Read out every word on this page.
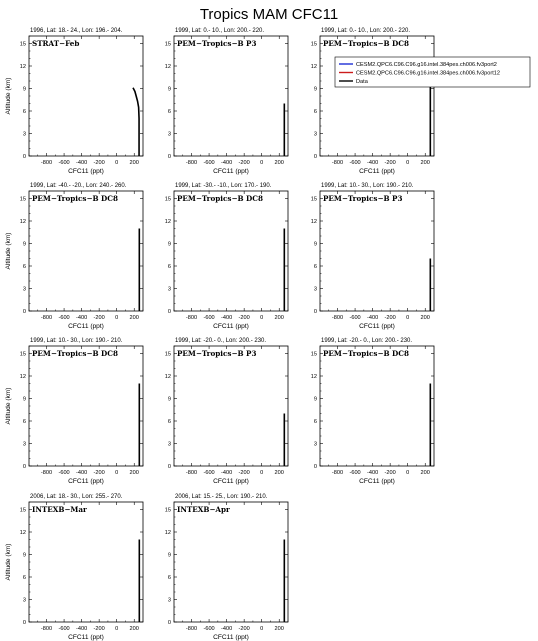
Tropics MAM CFC11
1996, Lat: 18.- 24., Lon: 196.- 204.
-800 -600 -400 -200 0 200
0
3
6
9
12
15
CFC11 (ppt)
Altitude (km)
STRAT−Feb
1999, Lat: 0.- 10., Lon: 200.- 220.
-800 -600 -400 -200 0 200
0
3
6
9
12
15
CFC11 (ppt)
PEM−Tropics−B P3
1999, Lat: 0.- 10., Lon: 200.- 220.
-800 -600 -400 -200 0 200
0
3
6
9
12
15
CFC11 (ppt)
PEM−Tropics−B DC8
1999, Lat: -40.- -20., Lon: 240.- 260.
-800 -600 -400 -200 0 200
0
3
6
9
12
15
CFC11 (ppt)
Altitude (km)
PEM−Tropics−B DC8
1999, Lat: -30.- -10., Lon: 170.- 190.
-800 -600 -400 -200 0 200
0
3
6
9
12
15
CFC11 (ppt)
PEM−Tropics−B DC8
1999, Lat: 10.- 30., Lon: 190.- 210.
-800 -600 -400 -200 0 200
0
3
6
9
12
15
CFC11 (ppt)
PEM−Tropics−B P3
1999, Lat: 10.- 30., Lon: 190.- 210.
-800 -600 -400 -200 0 200
0
3
6
9
12
15
CFC11 (ppt)
Altitude (km)
PEM−Tropics−B DC8
1999, Lat: -20.- 0., Lon: 200.- 230.
-800 -600 -400 -200 0 200
0
3
6
9
12
15
CFC11 (ppt)
PEM−Tropics−B P3
1999, Lat: -20.- 0., Lon: 200.- 230.
-800 -600 -400 -200 0 200
0
3
6
9
12
15
CFC11 (ppt)
PEM−Tropics−B DC8
2006, Lat: 18.- 30., Lon: 255.- 270.
-800 -600 -400 -200 0 200
0
3
6
9
12
15
CFC11 (ppt)
Altitude (km)
INTEXB−Mar
2006, Lat: 15.- 25., Lon: 190.- 210.
-800 -600 -400 -200 0 200
0
3
6
9
12
15
CFC11 (ppt)
INTEXB−Apr
CESM2.QPC6.C96.C96.g16.intel.384pes.ch006.fv3port2
CESM2.QPC6.C96.C96.g16.intel.384pes.ch006.fv3port12
Data
